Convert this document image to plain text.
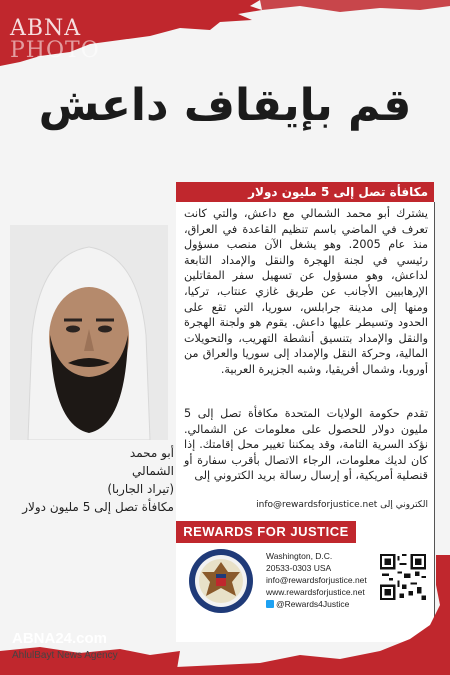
ABNA
PHOTO
قم بإيقاف داعش
مكافأة تصل إلى 5 مليون دولار

يشترك أبو محمد الشمالي مع داعش، والتي كانت تعرف في الماضي باسم تنظيم القاعدة في العراق، منذ عام 2005. وهو يشغل الآن منصب مسؤول رئيسي في لجنة الهجرة والنقل والإمداد التابعة لداعش، وهو مسؤول عن تسهيل سفر المقاتلين الإرهابيين الأجانب عن طريق غازي عنتاب، تركيا، ومنها إلى مدينة جرابلس، سوريا، التي تقع على الحدود وتسيطر عليها داعش. يقوم هو ولجنة الهجرة والنقل والإمداد بتنسيق أنشطة التهريب، والتحويلات المالية، وحركة النقل والإمداد إلى سوريا والعراق من أوروبا، وشمال أفريقيا، وشبه الجزيرة العربية.

تقدم حكومة الولايات المتحدة مكافأة تصل إلى 5 مليون دولار للحصول على معلومات عن الشمالي. نؤكد السرية التامة، وقد يمكننا تغيير محل إقامتك. إذا كان لديك معلومات، الرجاء الاتصال بأقرب سفارة أو قنصلية أمريكية، أو إرسال رسالة بريد الكتروني إلى

الكتروني إلى info@rewardsforjustice.net
أبو محمد
الشمالي
(تيراد الجاربا)
مكافأة تصل إلى 5 مليون دولار
REWARDS FOR JUSTICE
Washington, D.C.
20533-0303 USA
info@rewardsforjustice.net
www.rewardsforjustice.net
@Rewards4Justice
ABNA24.com
AhlulBayt News Agency
